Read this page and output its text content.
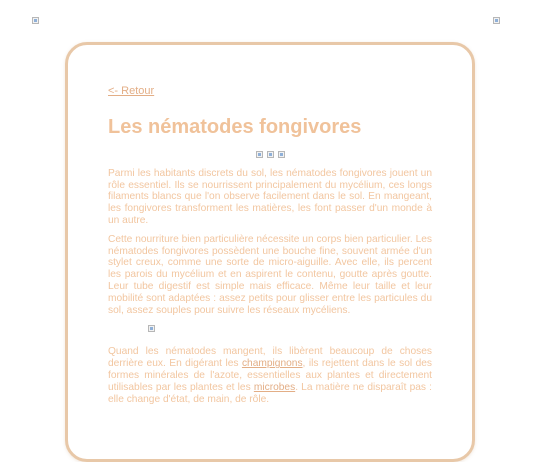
<- Retour
Les nématodes fongivores

Parmi les habitants discrets du sol, les nématodes fongivores jouent un rôle essentiel. Ils se nourrissent principalement du mycélium, ces longs filaments blancs que l'on observe facilement dans le sol. En mangeant, les fongivores transforment les matières, les font passer d'un monde à un autre.

Cette nourriture bien particulière nécessite un corps bien particulier. Les nématodes fongivores possèdent une bouche fine, souvent armée d'un stylet creux, comme une sorte de micro-aiguille. Avec elle, ils percent les parois du mycélium et en aspirent le contenu, goutte après goutte. Leur tube digestif est simple mais efficace. Même leur taille et leur mobilité sont adaptées : assez petits pour glisser entre les particules du sol, assez souples pour suivre les réseaux mycéliens.

Quand les nématodes mangent, ils libèrent beaucoup de choses derrière eux. En digérant les champignons, ils rejettent dans le sol des formes minérales de l'azote, essentielles aux plantes et directement utilisables par les plantes et les microbes. La matière ne disparaît pas : elle change d'état, de main, de rôle.
